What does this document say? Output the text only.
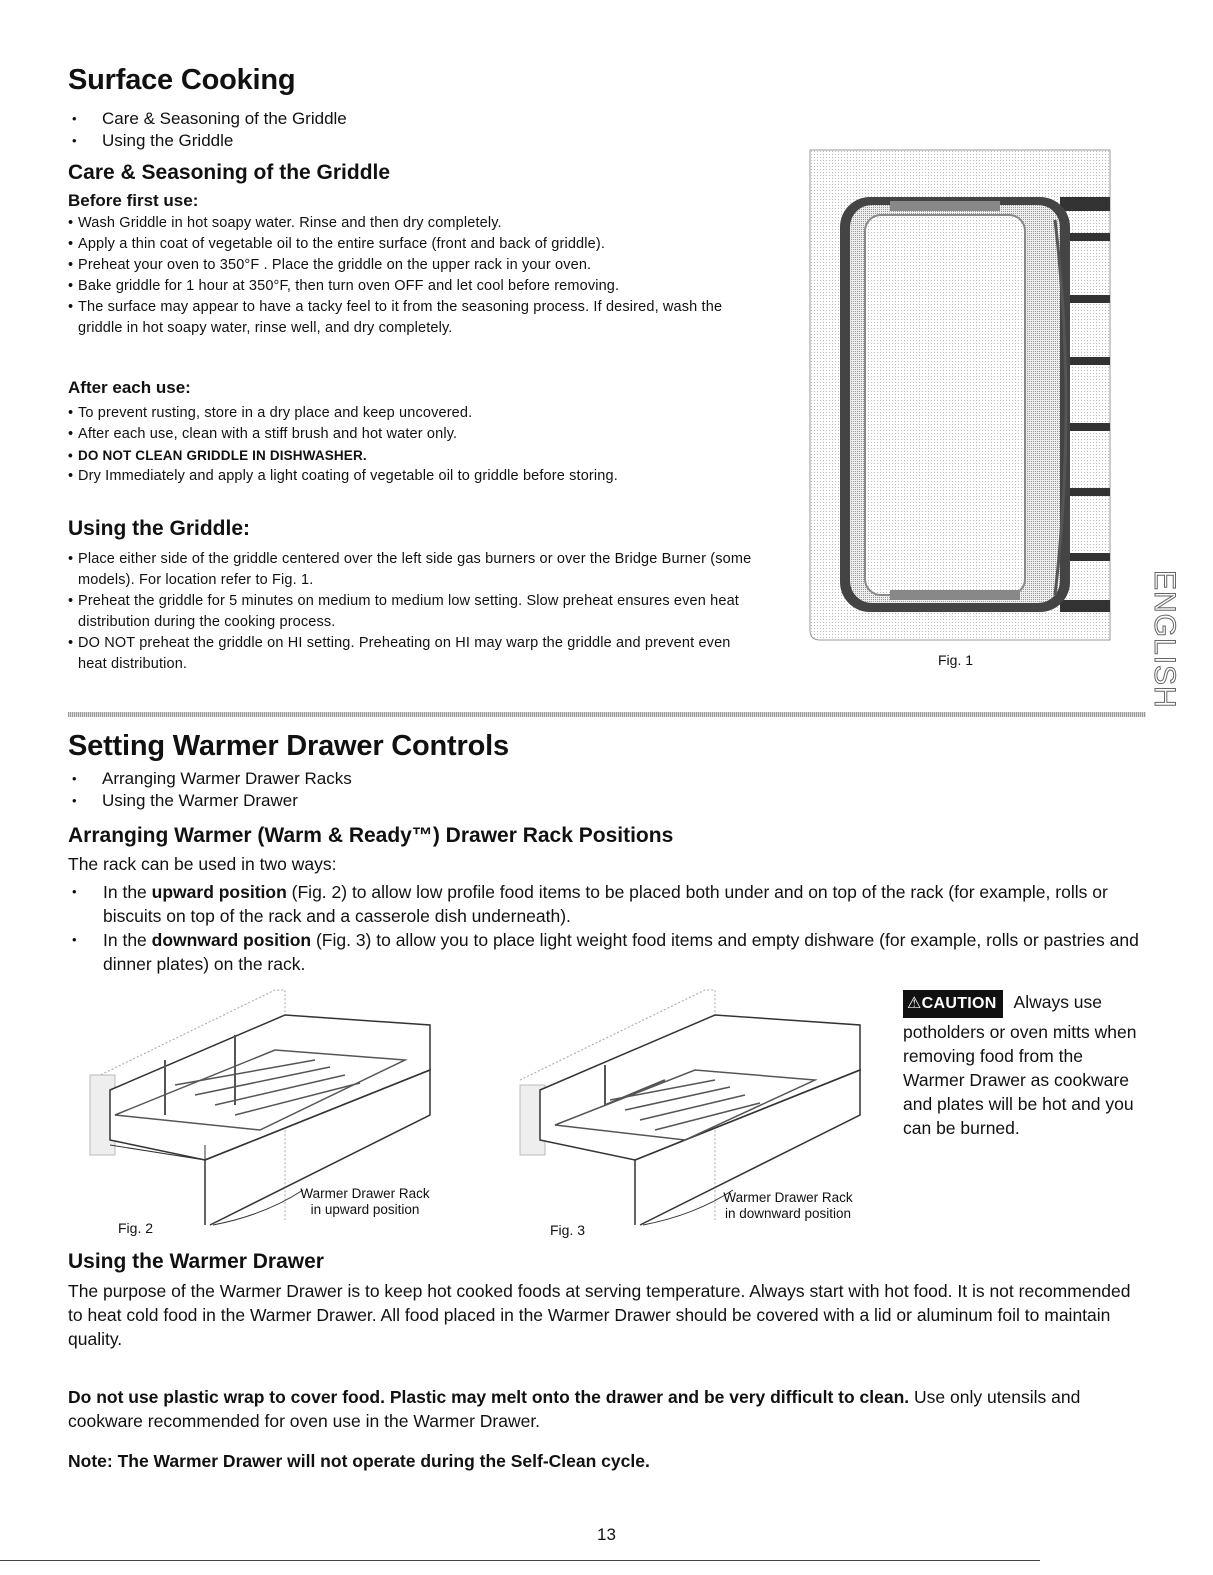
Surface Cooking
• Care & Seasoning of the Griddle
• Using the Griddle
Care & Seasoning of the Griddle
Before first use:
• Wash Griddle in hot soapy water. Rinse and then dry completely.
• Apply a thin coat of vegetable oil to the entire surface (front and back of griddle).
• Preheat your oven to 350°F . Place the griddle on the upper rack in your oven.
• Bake griddle for 1 hour at 350°F, then turn oven OFF and let cool before removing.
• The surface may appear to have a tacky feel to it from the seasoning process. If desired, wash the griddle in hot soapy water, rinse well, and dry completely.
After each use:
• To prevent rusting, store in a dry place and keep uncovered.
• After each use, clean with a stiff brush and hot water only.
• DO NOT CLEAN GRIDDLE IN DISHWASHER.
• Dry Immediately and apply a light coating of vegetable oil to griddle before storing.
Using the Griddle:
• Place either side of the griddle centered over the left side gas burners or over the Bridge Burner (some models). For location refer to Fig. 1.
• Preheat the griddle for 5 minutes on medium to medium low setting. Slow preheat ensures even heat distribution during the cooking process.
• DO NOT preheat the griddle on HI setting. Preheating on HI may warp the griddle and prevent even heat distribution.	Fig. 1	ENGLISH
Setting Warmer Drawer Controls
• Arranging Warmer Drawer Racks
• Using the Warmer Drawer
Arranging Warmer (Warm & Ready™) Drawer Rack Positions
The rack can be used in two ways:
• In the upward position (Fig. 2) to allow low profile food items to be placed both under and on top of the rack (for example, rolls or biscuits on top of the rack and a casserole dish underneath).
• In the downward position (Fig. 3) to allow you to place light weight food items and empty dishware (for example, rolls or pastries and dinner plates) on the rack.
Fig. 2
Warmer Drawer Rack in upward position
Fig. 3
Warmer Drawer Rack in downward position
⚠CAUTION Always use
potholders or oven mitts when removing food from the Warmer Drawer as cookware and plates will be hot and you can be burned.
Using the Warmer Drawer
The purpose of the Warmer Drawer is to keep hot cooked foods at serving temperature. Always start with hot food. It is not recommended to heat cold food in the Warmer Drawer. All food placed in the Warmer Drawer should be covered with a lid or aluminum foil to maintain quality.
Do not use plastic wrap to cover food. Plastic may melt onto the drawer and be very difficult to clean. Use only utensils and cookware recommended for oven use in the Warmer Drawer.
Note: The Warmer Drawer will not operate during the Self-Clean cycle.
13
